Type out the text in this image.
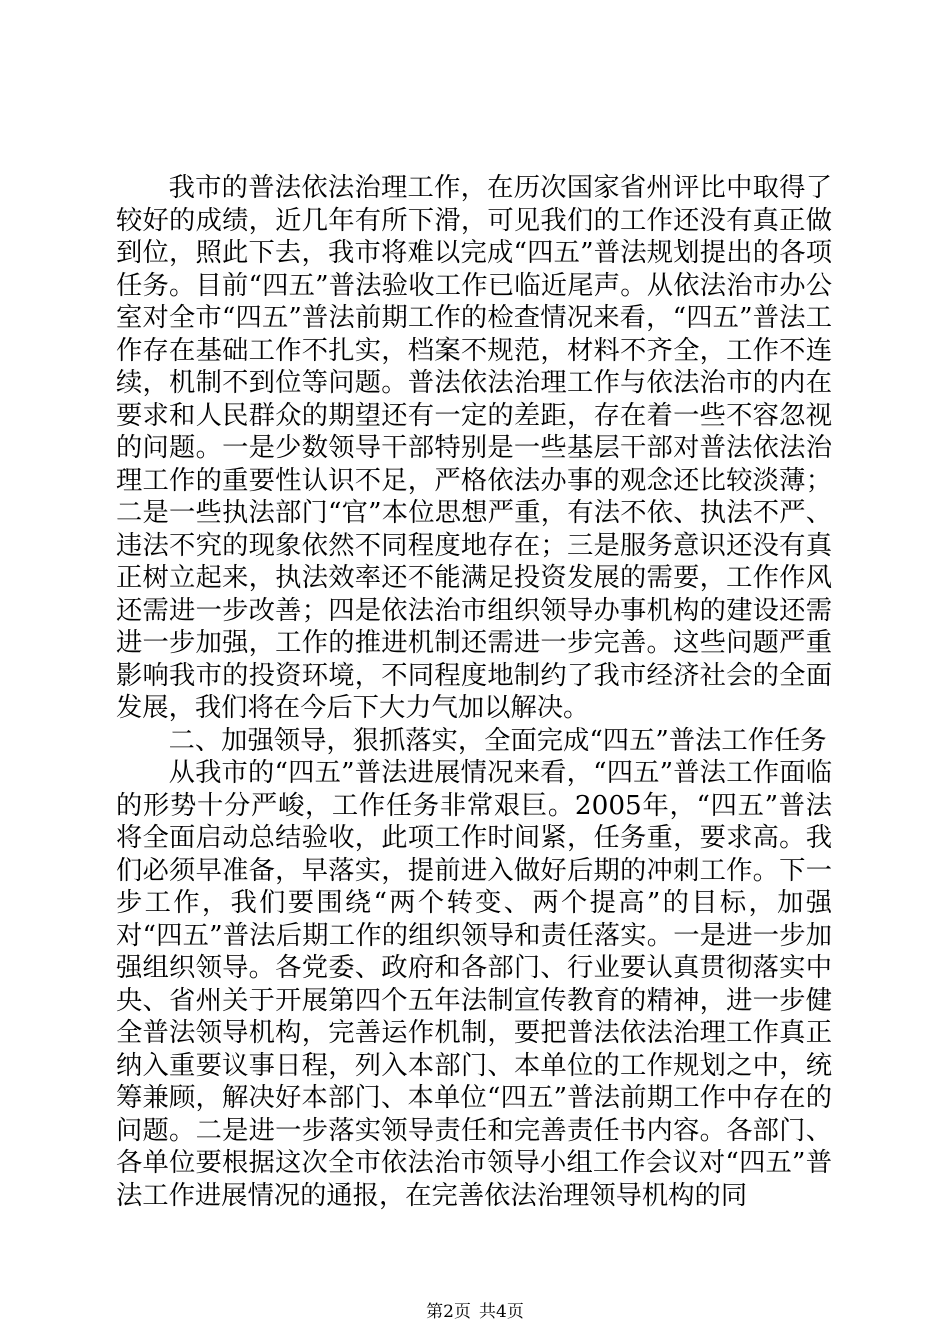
我市的普法依法治理工作，在历次国家省州评比中取得了较好的成绩，近几年有所下滑，可见我们的工作还没有真正做到位，照此下去，我市将难以完成“四五”普法规划提出的各项任务。目前“四五”普法验收工作已临近尾声。从依法治市办公室对全市“四五”普法前期工作的检查情况来看，“四五”普法工作存在基础工作不扎实，档案不规范，材料不齐全，工作不连续，机制不到位等问题。普法依法治理工作与依法治市的内在要求和人民群众的期望还有一定的差距，存在着一些不容忽视的问题。一是少数领导干部特别是一些基层干部对普法依法治理工作的重要性认识不足，严格依法办事的观念还比较淡薄；二是一些执法部门“官”本位思想严重，有法不依、执法不严、违法不究的现象依然不同程度地存在；三是服务意识还没有真正树立起来，执法效率还不能满足投资发展的需要，工作作风还需进一步改善；四是依法治市组织领导办事机构的建设还需进一步加强，工作的推进机制还需进一步完善。这些问题严重影响我市的投资环境，不同程度地制约了我市经济社会的全面发展，我们将在今后下大力气加以解决。

二、加强领导，狠抓落实，全面完成“四五”普法工作任务

从我市的“四五”普法进展情况来看，“四五”普法工作面临的形势十分严峻，工作任务非常艰巨。2005年，“四五”普法将全面启动总结验收，此项工作时间紧，任务重，要求高。我们必须早准备，早落实，提前进入做好后期的冲刺工作。下一步工作，我们要围绕“两个转变、两个提高”的目标，加强对“四五”普法后期工作的组织领导和责任落实。一是进一步加强组织领导。各党委、政府和各部门、行业要认真贯彻落实中央、省州关于开展第四个五年法制宣传教育的精神，进一步健全普法领导机构，完善运作机制，要把普法依法治理工作真正纳入重要议事日程，列入本部门、本单位的工作规划之中，统筹兼顾，解决好本部门、本单位“四五”普法前期工作中存在的问题。二是进一步落实领导责任和完善责任书内容。各部门、各单位要根据这次全市依法治市领导小组工作会议对“四五”普法工作进展情况的通报，在完善依法治理领导机构的同

第2页 共4页
